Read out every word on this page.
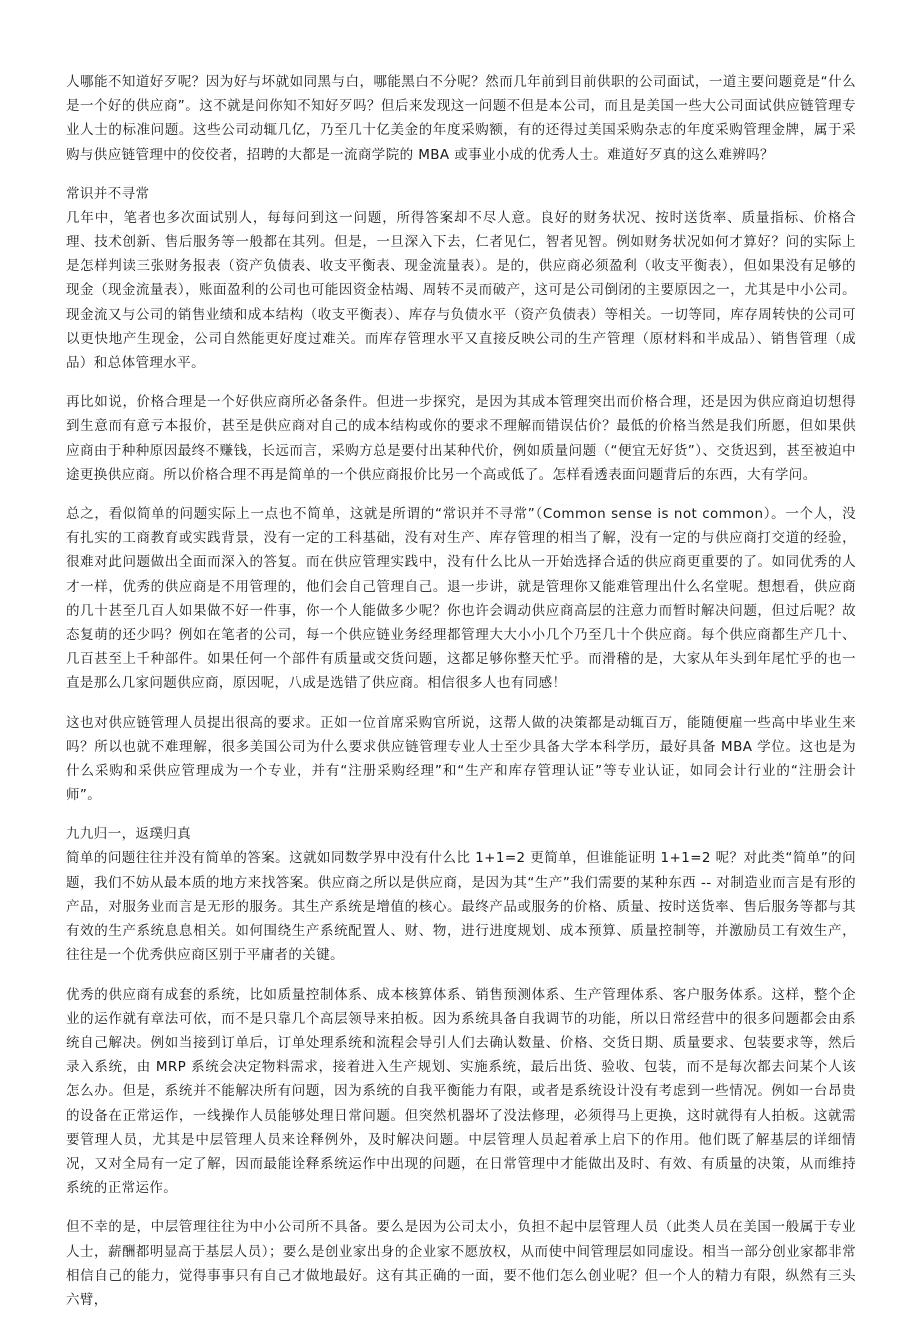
人哪能不知道好歹呢？因为好与坏就如同黑与白，哪能黑白不分呢？然而几年前到目前供职的公司面试，一道主要问题竟是“什么是一个好的供应商”。这不就是问你知不知好歹吗？但后来发现这一问题不但是本公司，而且是美国一些大公司面试供应链管理专业人士的标准问题。这些公司动辄几亿，乃至几十亿美金的年度采购额，有的还得过美国采购杂志的年度采购管理金牌，属于采购与供应链管理中的佼佼者，招聘的大都是一流商学院的 MBA 或事业小成的优秀人士。难道好歹真的这么难辨吗？

常识并不寻常

几年中，笔者也多次面试别人，每每问到这一问题，所得答案却不尽人意。良好的财务状况、按时送货率、质量指标、价格合理、技术创新、售后服务等一般都在其列。但是，一旦深入下去，仁者见仁，智者见智。例如财务状况如何才算好？问的实际上是怎样判读三张财务报表（资产负债表、收支平衡表、现金流量表）。是的，供应商必须盈利（收支平衡表），但如果没有足够的现金（现金流量表），账面盈利的公司也可能因资金枯竭、周转不灵而破产，这可是公司倒闭的主要原因之一，尤其是中小公司。现金流又与公司的销售业绩和成本结构（收支平衡表）、库存与负债水平（资产负债表）等相关。一切等同，库存周转快的公司可以更快地产生现金，公司自然能更好度过难关。而库存管理水平又直接反映公司的生产管理（原材料和半成品）、销售管理（成品）和总体管理水平。

再比如说，价格合理是一个好供应商所必备条件。但进一步探究，是因为其成本管理突出而价格合理，还是因为供应商迫切想得到生意而有意亏本报价，甚至是供应商对自己的成本结构或你的要求不理解而错误估价？最低的价格当然是我们所愿，但如果供应商由于种种原因最终不赚钱，长远而言，采购方总是要付出某种代价，例如质量问题（“便宜无好货”）、交货迟到，甚至被迫中途更换供应商。所以价格合理不再是简单的一个供应商报价比另一个高或低了。怎样看透表面问题背后的东西，大有学问。

总之，看似简单的问题实际上一点也不简单，这就是所谓的“常识并不寻常”（Common sense is not common）。一个人，没有扎实的工商教育或实践背景，没有一定的工科基础，没有对生产、库存管理的相当了解，没有一定的与供应商打交道的经验，很难对此问题做出全面而深入的答复。而在供应管理实践中，没有什么比从一开始选择合适的供应商更重要的了。如同优秀的人才一样，优秀的供应商是不用管理的，他们会自己管理自己。退一步讲，就是管理你又能难管理出什么名堂呢。想想看，供应商的几十甚至几百人如果做不好一件事，你一个人能做多少呢？你也许会调动供应商高层的注意力而暂时解决问题，但过后呢？故态复萌的还少吗？例如在笔者的公司，每一个供应链业务经理都管理大大小小几个乃至几十个供应商。每个供应商都生产几十、几百甚至上千种部件。如果任何一个部件有质量或交货问题，这都足够你整天忙乎。而滑稽的是，大家从年头到年尾忙乎的也一直是那么几家问题供应商，原因呢，八成是选错了供应商。相信很多人也有同感！

这也对供应链管理人员提出很高的要求。正如一位首席采购官所说，这帮人做的决策都是动辄百万，能随便雇一些高中毕业生来吗？所以也就不难理解，很多美国公司为什么要求供应链管理专业人士至少具备大学本科学历，最好具备 MBA 学位。这也是为什么采购和采供应管理成为一个专业，并有“注册采购经理”和“生产和库存管理认证”等专业认证，如同会计行业的“注册会计师”。

九九归一，返璞归真

简单的问题往往并没有简单的答案。这就如同数学界中没有什么比 1+1=2 更简单，但谁能证明 1+1=2 呢？对此类“简单”的问题，我们不妨从最本质的地方来找答案。供应商之所以是供应商，是因为其“生产”我们需要的某种东西 -- 对制造业而言是有形的产品，对服务业而言是无形的服务。其生产系统是增值的核心。最终产品或服务的价格、质量、按时送货率、售后服务等都与其有效的生产系统息息相关。如何围绕生产系统配置人、财、物，进行进度规划、成本预算、质量控制等，并激励员工有效生产，往往是一个优秀供应商区别于平庸者的关键。

优秀的供应商有成套的系统，比如质量控制体系、成本核算体系、销售预测体系、生产管理体系、客户服务体系。这样，整个企业的运作就有章法可依，而不是只靠几个高层领导来拍板。因为系统具备自我调节的功能，所以日常经营中的很多问题都会由系统自己解决。例如当接到订单后，订单处理系统和流程会导引人们去确认数量、价格、交货日期、质量要求、包装要求等，然后录入系统，由 MRP 系统会决定物料需求，接着进入生产规划、实施系统，最后出货、验收、包装，而不是每次都去问某个人该怎么办。但是，系统并不能解决所有问题，因为系统的自我平衡能力有限，或者是系统设计没有考虑到一些情况。例如一台昂贵的设备在正常运作，一线操作人员能够处理日常问题。但突然机器坏了没法修理，必须得马上更换，这时就得有人拍板。这就需要管理人员，尤其是中层管理人员来诠释例外，及时解决问题。中层管理人员起着承上启下的作用。他们既了解基层的详细情况，又对全局有一定了解，因而最能诠释系统运作中出现的问题，在日常管理中才能做出及时、有效、有质量的决策，从而维持系统的正常运作。

但不幸的是，中层管理往往为中小公司所不具备。要么是因为公司太小，负担不起中层管理人员（此类人员在美国一般属于专业人士，薪酬都明显高于基层人员）；要么是创业家出身的企业家不愿放权，从而使中间管理层如同虚设。相当一部分创业家都非常相信自己的能力，觉得事事只有自己才做地最好。这有其正确的一面，要不他们怎么创业呢？但一个人的精力有限，纵然有三头六臂，
